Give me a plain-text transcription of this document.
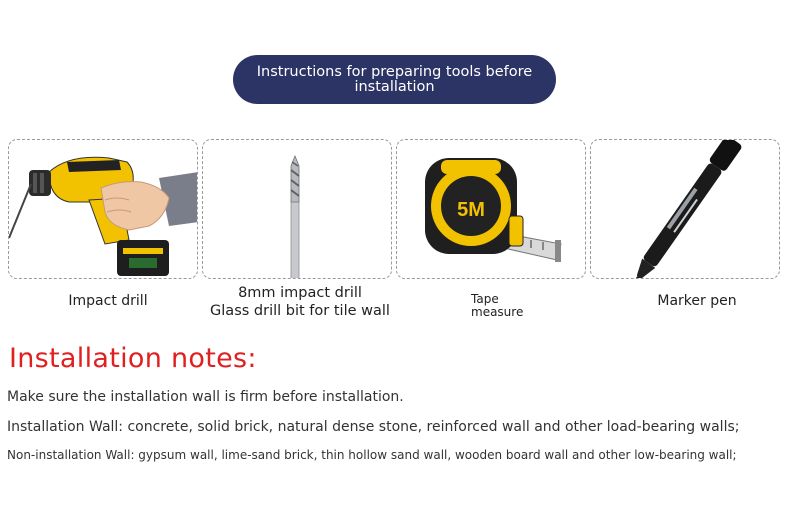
Instructions for preparing tools before installation
5M
Impact drill	8mm impact drill
Glass drill bit for tile wall
Tape
measure
Marker pen
Installation notes:
Make sure the installation wall is firm before installation.
Installation Wall: concrete, solid brick, natural dense stone, reinforced wall and other load-bearing walls;
Non-installation Wall: gypsum wall, lime-sand brick, thin hollow sand wall, wooden board wall and other low-bearing wall;
